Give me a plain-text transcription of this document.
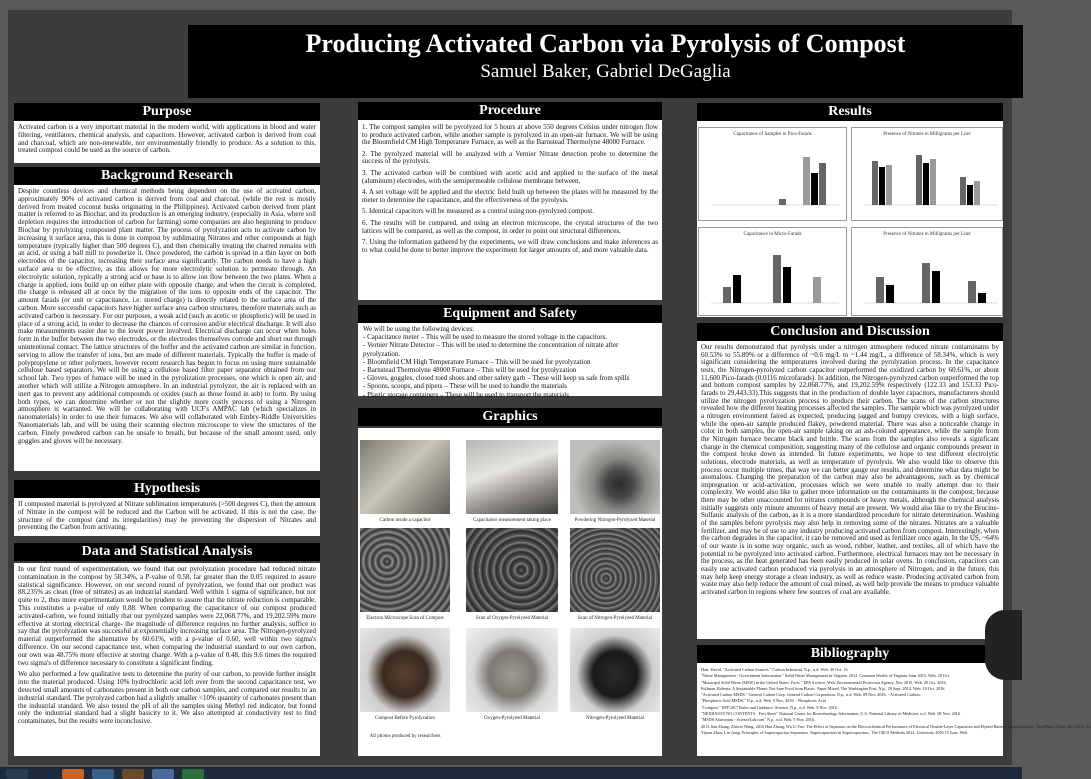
Producing Activated Carbon via Pyrolysis of Compost
Samuel Baker, Gabriel DeGaglia
Purpose
Activated carbon is a very important material in the modern world, with applications in blood and water filtering, ventilators, chemical analysis, and capacitors. However, activated carbon is derived from coal and charcoal, which are non-renewable, nor environmentally friendly to produce. As a solution to this, treated compost could be used as the source of carbon.
Background Research
Despite countless devices and chemical methods being dependent on the use of activated carbon, approximately 90% of activated carbon is derived from coal and charcoal, (while the rest is mostly derived from treated coconut husks originating in the Philippines). Activated carbon derived from plant matter is referred to as Biochar, and its production is an emerging industry, (especially in Asia, where soil depletion requires the introduction of carbon for farming) some companies are also beginning to produce Biochar by pyrolyzing composted plant matter. The process of pyrolyzation acts to activate carbon by increasing it surface area, this is done in compost by sublimating Nitrates and other compounds at high temperature (typically higher than 500 degrees C), and then chemically treating the charred remains with an acid, or using a ball mill to powderize it. Once powdered, the carbon is spread in a thin layer on both electrodes of the capacitor, increasing their surface area significantly. The carbon needs to have a high surface area to be effective, as this allows for more electrolytic solution to permeate through. An electrolytic solution, typically a strong acid or base is to allow ion flow between the two plates. When a charge is applied, ions build up on either plate with opposite charge, and when the circuit is completed, the charge is released all at once by the migration of the ions to opposite ends of the capacitor. The amount farads (or unit or capacitance, i.e. stored charge) is directly related to the surface area of the carbon. More successful capacitors have higher surface area carbon structures, therefore materials such as activated carbon is necessary. For our purposes, a weak acid (such as acetic or phosphoric) will be used in place of a strong acid, in order to decrease the chances of corrosion and/or electrical discharge. It will also make measurements easier due to the lower power involved. Electrical discharge can occur when holes form in the buffer between the two electrodes, or the electrodes themselves corrode and short out through unintentional contact. The lattice structures of the buffer and the activated carbon are similar in function, serving to allow the transfer of ions, but are made of different materials. Typically the buffer is made of polypropylene or other polymers, however recent research has begun to focus on using more sustainable cellulose based separators. We will be using a cellulose based filter paper separator obtained from our school lab. Two types of furnace will be used in the pyrolization processes, one which is open air, and another which will utilize a Nitrogen atmosphere. In an industrial pyrolyzer, the air is replaced with an inert gas to prevent any additional compounds or oxides (such as those found in ash) to form. By using both types, we can determine whether or not the slightly more costly process of using a Nitrogen atmosphere is warranted. We will be collaborating with UCF's AMPAC lab (which specializes in nanomaterials) in order to use their furnaces. We also will collaborated with Embry-Riddle Universities Nanomaterials lab, and will be using their scanning electron microscope to view the structures of the carbon. Finely powdered carbon can be unsafe to breath, but because of the small amount used, only goggles and gloves will be necessary.
Hypothesis
If composted material is pyrolyzed at Nitrate sublimation temperatures (>500 degrees C), then the amount of Nitrate in the compost will be reduced and the Carbon will be activated. If this is not the case, the structure of the compost (and its irregularities) may be preventing the dispersion of Nitrates and preventing the Carbon from activating.
Data and Statistical Analysis

In our first round of experimentation, we found that our pyrolyzation procedure had reduced nitrate contamination in the compost by 58.34%, a P-value of 0.58, far greater than the 0.05 required to assure statistical significance. However, on our second round of pyrolyzation, we found that our product was 88.235% as clean (free of nitrates) as an industrial standard. Well within 1 sigma of significance, but not quite to 2, thus more experimentation would be prudent to assure that the nitrate reduction is comparable. This constitutes a p-value of only 0.88. When comparing the capacitance of our compost produced activated-carbon, we found initially that our pyrolyzed samples were 22,068.77%, and 19,202.59% more effective at storing electrical charge- the magnitude of difference requires no further analysis, suffice to say that the pyrolyzation was successful at exponentially increasing surface area. The Nitrogen-pyrolyzed material outperformed the alternative by 60.61%, with a p-value of 0.60, well within two sigma's difference. On our second capacitance test, when comparing the industrial standard to our own carbon, our own was 48.75% more effective at storing charge. With a p-value of 0.48, this 9.6 times the required two sigma's of difference necessary to constitute a significant finding.

We also performed a few qualitative tests to determine the purity of our carbon, to provide further insight into the material produced. Using 10% hydrochloric acid left over from the second capacitance test, we detected small amounts of carbonates present in both our carbon samples, and compared our results to an industrial standard. The pyrolyzed carbon had a slightly smaller <10% quantity of carbonates present than the industrial standard. We also tested the pH of all the samples using Methyl red indicator, but found only the industrial standard had a slight basicity to it. We also attempted at conductivity test to find contaminates, but the results were inconclusive.

Procedure

1. The compost samples will be pyrolyzed for 5 hours at above 550 degrees Celsius under nitrogen flow to produce activated carbon, while another sample is pyrolyzed in an open-air furnace. We will be using the Bloomfield CM High Temperature Furnace, as well as the Barnstead Thermolyne 48000 Furnace.

2. The pyrolyzed material will be analyzed with a Vernier Nitrate detection probe to determine the success of the pyrolysis.

3. The activated carbon will be combined with acetic acid and applied to the surface of the metal (aluminum) electrodes, with the semipermeable cellulose membrane between.

4. A set voltage will be applied and the electric field built up between the plates will be measured by the meter to determine the capacitance, and the effectiveness of the pyrolysis.

5. Identical capacitors will be measured as a control using non-pyrolyzed compost.

6. The results will be compared, and using an electron microscope, the crystal structures of the two lattices will be compared, as well as the compost, in order to point out structural differences.

7. Using the information gathered by the experiments, we will draw conclusions and make inferences as to what could be done to better improve the experiment for larger amounts of, and more valuable data.

Equipment and Safety
We will be using the following devices:
- Capacitance meter – This will be used to measure the stored voltage in the capacitors.
- Vernier Nitrate Detector – This will be used to determine the concentration of nitrate after pyrolyzation.
- Bloomfield CM High Temperature Furnace – This will be used for pyrolyzation
- Barnstead Thermolyne 48000 Furnace – This will be used for pyrolyzation
- Gloves, goggles, closed toed shoes and other safety garb – These will keep us safe from spills
- Spoons, scoops, and pipets – These will be used to handle the materials
- Plastic storage containers – These will be used to transport the materials
Graphics
Carbon inside a capacitor	Capacitance measurement taking place	Powdering Nitrogen-Pyrolyzed Material
Electron Microscope Scan of Compost	Scan of Oxygen-Pyrolyzed Material	Scan of Nitrogen-Pyrolyzed Material
Compost Before Pyrolyzation	Oxygen-Pyrolyzed Material	Nitrogen-Pyrolyzed Material
All photos produced by researchers
Results
Capacitance of Samples in Pico-Farads	Presence of Nitrates in Milligrams per Liter
Capacitance in Micro-Farads	Presence of Nitrates in Milligrams per Liter
Conclusion and Discussion
Our results demonstrated that pyrolysis under a nitrogen atmosphere reduced nitrate contaminants by 60.53% to 55.89% or a difference of ~0.6 mg/L to ~1.44 mg/L, a difference of 58.34%, which is very significant considering the temperatures involved during the pyrolyzation process. In the capacitance tests, the Nitrogen-pyrolyzed carbon capacitor outperformed the oxidized carbon by 60.61%, or about 11,600 Pico-farads (0.0116 microfarads). In addition, the Nitrogen-pyrolyzed carbon outperformed the top and bottom compost samples by 22,068.77%, and 19,202.59% respectively (122.33 and 153.33 Pico-farads to 29,443.33).This suggests that in the production of double layer capacitors, manufacturers should utilize the nitrogen pyrolyzation process to produce their carbon. The scans of the carbon structures revealed how the different heating processes affected the samples. The sample which was pyrolyzed under a nitrogen environment faired as expected, producing jagged and bumpy crevices, with a high surface, while the open-air sample produced flakey, powdered material. There was also a noticeable change in color in both samples, the open-air sample taking on an ash-colored appearance, while the sample from the Nitrogen furnace became black and brittle. The scans from the samples also reveals a significant change in the chemical composition, suggesting many of the cellulose and organic compounds present in the compost broke down as intended. In future experiments, we hope to test different electrolytic solutions, electrode materials, as well as temperature of pyrolysis. We also would like to observe this process occur multiple times, that way we can better gauge our results, and determine what data might be anomalous. Changing the preparation of the carbon may also be advantageous, such as by chemical impregnation or acid-activation, processes which we were unable to really attempt due to their complexity. We would also like to gather more information on the contaminants in the compost, because there may be other unaccounted for nitrates compounds or heavy metals, although the chemical analysis initially suggests only minute amounts of heavy metal are present. We would also like to try the Brucine-Sulfanic analysis of the carbon, as it is a more standardized procedure for nitrate determination. Washing of the samples before pyrolysis may also help in removing some of the nitrates. Nitrates are a valuable fertilizer, and may be of use to any industry producing activated carbon from compost. Interestingly, when the carbon degrades in the capacitor, it can be removed and used as fertilizer once again. In the US, ~64% of our waste is in some way organic, such as wood, rubber, leather, and textiles, all of which have the potential to be pyrolyzed into activated carbon. Furthermore, electrical furnaces may not be necessary in the process, as the heat generated has been easily produced in solar ovens. In conclusion, capacitors can easily use activated carbon produced via pyrolysis in an atmosphere of Nitrogen, and in the future, this may help keep energy storage a clean industry, as well as reduce waste. Producing activated carbon from waste may also help reduce the amount of coal mined, as well help provide the means to produce valuable activated carbon in regions where few sources of coal are available.
Bibliography
Hart, David. "Activated Carbon Sources." Carbon Industrial, N.p., n.d. Web. 20 Oct. 16.
"Waste Management - Government Information." Solid Waste Management in Virginia. 2014. Common Wealth of Virginia, June 2015. Web. 20 Oct.
"Municipal Solid Waste (MSW) in the United States: Facts." EPA Archive. Web. Environmental Protection Agency, Nov 2015. Web. 20 Oct. 2016.
Pullman, Roberta. A Sustainable Planet: Not Sure Food from Plastic. Paper Mixed. The Washington Post. N.p., 20 Sept. 2014. Web. 10 Oct. 2016.
"Activated Carbon MSDS." General Carbon Corp. General Carbon Corporation, N.p., n.d. Web. 09 Nov. 2016. - Activated Carbon.
"Phosphoric Acid MSDS." N.p., n.d. Web. 9 Nov. 2016. - Phosphoric Acid
"Compost." EPP 2017 Rules and Guidance. Science, N.p., n.d. Web. 9 Nov. 2016.
"NEXHAUST NO.CONTENTS - Fact Sheet" National Center for Biotechnology Information, U.S. National Library of Medicine, n.d. Web. 08 Nov. 2016.
"MSDS Aluminum - ScienceLab.com" N.p., n.d. Web. 9 Nov. 2016.
2013 Jian Zhang, Zhiwei Wang; 2016 Hua Zhang, Wu Li Yue; The Effect of Separator on the Electrochemical Performance of Electrical Double-Layer Capacitors and Hybrid Battery-Supercapacitors. Acta Phys.-Chim. Sin., 2016, 32.
Yijuan Zhou, Lin Jiang. Principles of Supercapacitor Separators. Supercapacitors in Supercapacitors, The CRCS Methods 2014. University 2016 15 June. Web.
